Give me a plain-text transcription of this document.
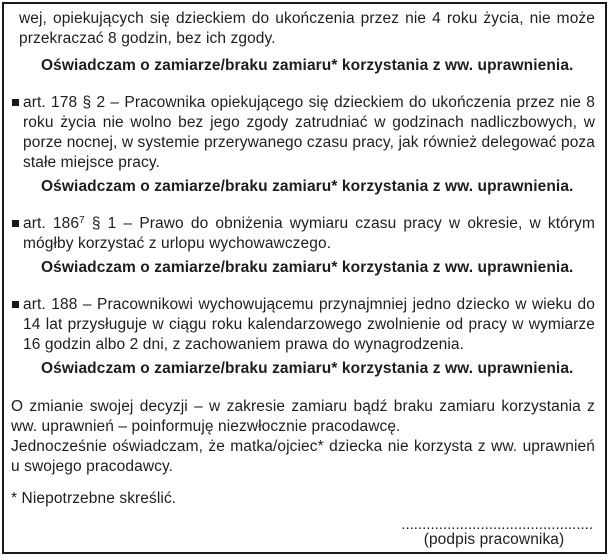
wej, opiekujących się dzieckiem do ukończenia przez nie 4 roku życia, nie może przekraczać 8 godzin, bez ich zgody.

Oświadczam o zamiarze/braku zamiaru* korzystania z ww. uprawnienia.

art. 178 § 2 – Pracownika opiekującego się dzieckiem do ukończenia przez nie 8 roku życia nie wolno bez jego zgody zatrudniać w godzinach nadliczbowych, w porze nocnej, w systemie przerywanego czasu pracy, jak również delegować poza stałe miejsce pracy.

Oświadczam o zamiarze/braku zamiaru* korzystania z ww. uprawnienia.

art. $186^7$ § 1 – Prawo do obniżenia wymiaru czasu pracy w okresie, w którym mógłby korzystać z urlopu wychowawczego.

Oświadczam o zamiarze/braku zamiaru* korzystania z ww. uprawnienia.

art. 188 – Pracownikowi wychowującemu przynajmniej jedno dziecko w wieku do 14 lat przysługuje w ciągu roku kalendarzowego zwolnienie od pracy w wymiarze 16 godzin albo 2 dni, z zachowaniem prawa do wynagrodzenia.

Oświadczam o zamiarze/braku zamiaru* korzystania z ww. uprawnienia.

O zmianie swojej decyzji – w zakresie zamiaru bądź braku zamiaru korzystania z ww. uprawnień – poinformuję niezwłocznie pracodawcę.

Jednocześnie oświadczam, że matka/ojciec* dziecka nie korzysta z ww. uprawnień u swojego pracodawcy.

* Niepotrzebne skreślić.

..............................................
(podpis pracownika)
